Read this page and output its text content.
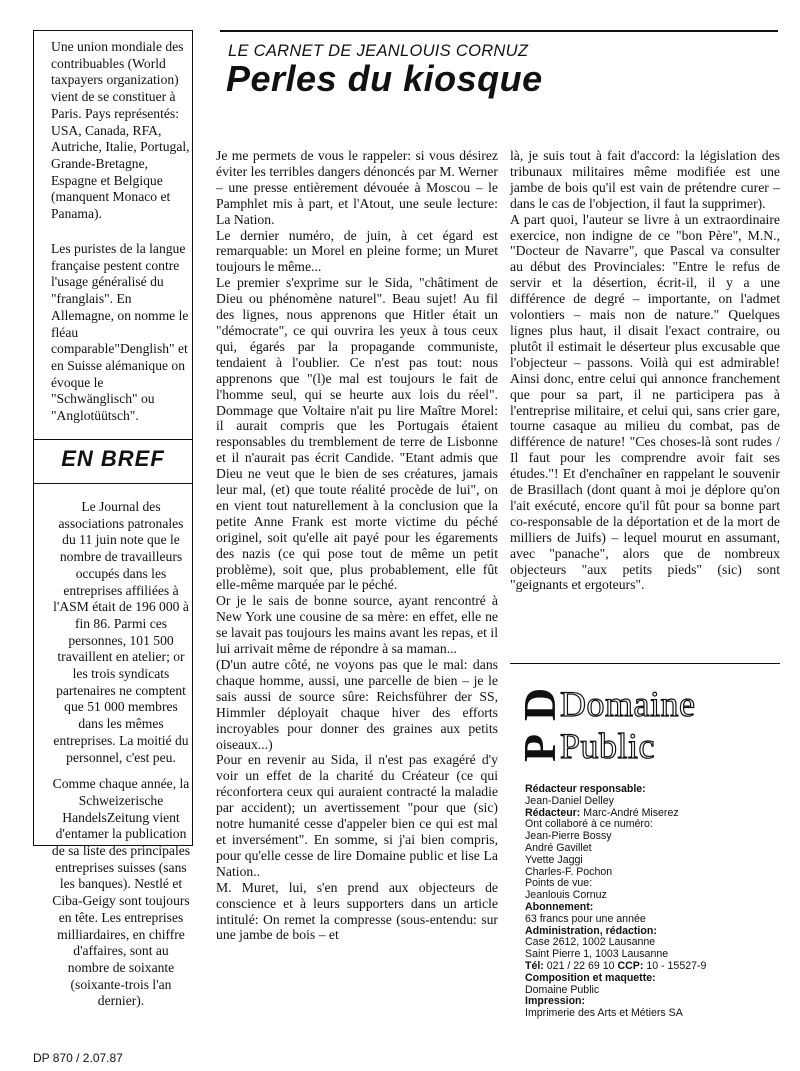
Une union mondiale des contribuables (World taxpayers organization) vient de se constituer à Paris. Pays représentés: USA, Canada, RFA, Autriche, Italie, Portugal, Grande-Bretagne, Espagne et Belgique (manquent Monaco et Panama).

Les puristes de la langue française pestent contre l'usage généralisé du "franglais". En Allemagne, on nomme le fléau comparable"Denglish" et en Suisse alémanique on évoque le "Schwänglisch" ou "Anglotüütsch".

EN BREF

Le Journal des associations patronales du 11 juin note que le nombre de travailleurs occupés dans les entreprises affiliées à l'ASM était de 196 000 à fin 86. Parmi ces personnes, 101 500 travaillent en atelier; or les trois syndicats partenaires ne comptent que 51 000 membres dans les mêmes entreprises. La moitié du personnel, c'est peu.

Comme chaque année, la Schweizerische HandelsZeitung vient d'entamer la publication de sa liste des principales entreprises suisses (sans les banques). Nestlé et Ciba-Geigy sont toujours en tête. Les entreprises milliardaires, en chiffre d'affaires, sont au nombre de soixante (soixante-trois l'an dernier).

LE CARNET DE JEANLOUIS CORNUZ
Perles du kiosque

Je me permets de vous le rappeler: si vous désirez éviter les terribles dangers dénoncés par M. Werner – une presse entièrement dévouée à Moscou – le Pamphlet mis à part, et l'Atout, une seule lecture: La Nation.

Le dernier numéro, de juin, à cet égard est remarquable: un Morel en pleine forme; un Muret toujours le même...

Le premier s'exprime sur le Sida, "châtiment de Dieu ou phénomène naturel". Beau sujet! Au fil des lignes, nous apprenons que Hitler était un "démocrate", ce qui ouvrira les yeux à tous ceux qui, égarés par la propagande communiste, tendaient à l'oublier. Ce n'est pas tout: nous apprenons que "(l)e mal est toujours le fait de l'homme seul, qui se heurte aux lois du réel". Dommage que Voltaire n'ait pu lire Maître Morel: il aurait compris que les Portugais étaient responsables du tremblement de terre de Lisbonne et il n'aurait pas écrit Candide. "Etant admis que Dieu ne veut que le bien de ses créatures, jamais leur mal, (et) que toute réalité procède de lui", on en vient tout naturellement à la conclusion que la petite Anne Frank est morte victime du péché originel, soit qu'elle ait payé pour les égarements des nazis (ce qui pose tout de même un petit problème), soit que, plus probablement, elle fût elle-même marquée par le péché.

Or je le sais de bonne source, ayant rencontré à New York une cousine de sa mère: en effet, elle ne se lavait pas toujours les mains avant les repas, et il lui arrivait même de répondre à sa maman...

(D'un autre côté, ne voyons pas que le mal: dans chaque homme, aussi, une parcelle de bien – je le sais aussi de source sûre: Reichsführer der SS, Himmler déployait chaque hiver des efforts incroyables pour donner des graines aux petits oiseaux...)

Pour en revenir au Sida, il n'est pas exagéré d'y voir un effet de la charité du Créateur (ce qui réconfortera ceux qui auraient contracté la maladie par accident); un avertissement "pour que (sic) notre humanité cesse d'appeler bien ce qui est mal et inversément". En somme, si j'ai bien compris, pour qu'elle cesse de lire Domaine public et lise La Nation..

M. Muret, lui, s'en prend aux objecteurs de conscience et à leurs supporters dans un article intitulé: On remet la compresse (sous-entendu: sur une jambe de bois – et

là, je suis tout à fait d'accord: la législation des tribunaux militaires même modifiée est une jambe de bois qu'il est vain de prétendre curer – dans le cas de l'objection, il faut la supprimer).

A part quoi, l'auteur se livre à un extraordinaire exercice, non indigne de ce "bon Père", M.N., "Docteur de Navarre", que Pascal va consulter au début des Provinciales: "Entre le refus de servir et la désertion, écrit-il, il y a une différence de degré – importante, on l'admet volontiers – mais non de nature." Quelques lignes plus haut, il disait l'exact contraire, ou plutôt il estimait le déserteur plus excusable que l'objecteur – passons. Voilà qui est admirable! Ainsi donc, entre celui qui annonce franchement que pour sa part, il ne participera pas à l'entreprise militaire, et celui qui, sans crier gare, tourne casaque au milieu du combat, pas de différence de nature! "Ces choses-là sont rudes / Il faut pour les comprendre avoir fait ses études."! Et d'enchaîner en rappelant le souvenir de Brasillach (dont quant à moi je déplore qu'on l'ait exécuté, encore qu'il fût pour sa bonne part co-responsable de la déportation et de la mort de milliers de Juifs) – lequel mourut en assumant, avec "panache", alors que de nombreux objecteurs "aux petits pieds" (sic) sont "geignants et ergoteurs".

D
P
Domaine
Public
Rédacteur responsable:
Jean-Daniel Delley
Rédacteur: Marc-André Miserez
Ont collaboré à ce numéro:
Jean-Pierre Bossy
André Gavillet
Yvette Jaggi
Charles-F. Pochon
Points de vue:
Jeanlouis Cornuz
Abonnement:
63 francs pour une année
Administration, rédaction:
Case 2612, 1002 Lausanne
Saint Pierre 1, 1003 Lausanne
Tél: 021 / 22 69 10 CCP: 10 - 15527-9
Composition et maquette:
Domaine Public
Impression:
Imprimerie des Arts et Métiers SA
DP 870 / 2.07.87
